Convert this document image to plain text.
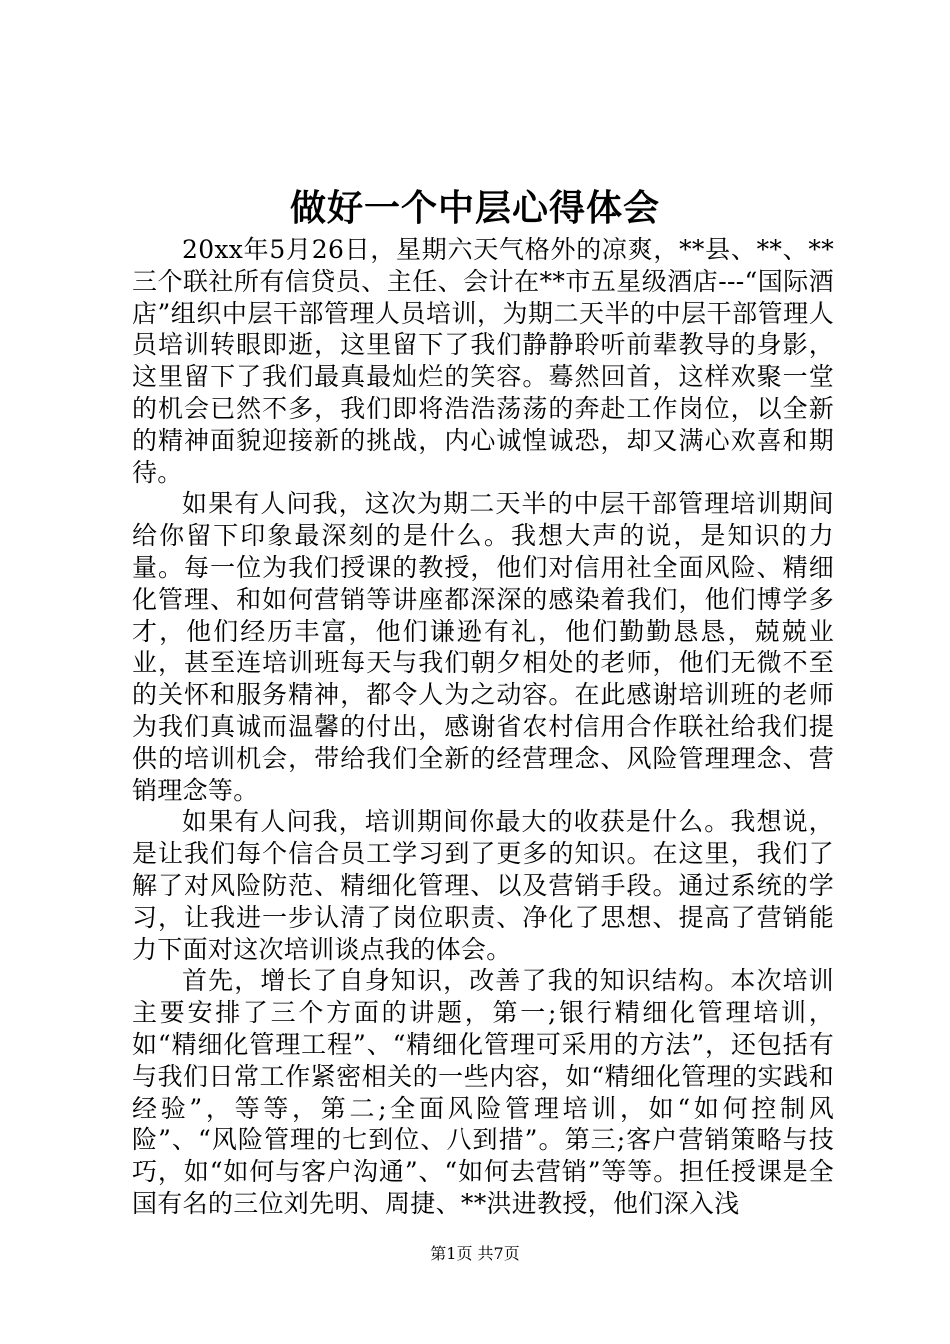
做好一个中层心得体会

20xx年5月26日，星期六天气格外的凉爽，**县、**、**三个联社所有信贷员、主任、会计在**市五星级酒店---“国际酒店”组织中层干部管理人员培训，为期二天半的中层干部管理人员培训转眼即逝，这里留下了我们静静聆听前辈教导的身影，这里留下了我们最真最灿烂的笑容。蓦然回首，这样欢聚一堂的机会已然不多，我们即将浩浩荡荡的奔赴工作岗位，以全新的精神面貌迎接新的挑战，内心诚惶诚恐，却又满心欢喜和期待。

如果有人问我，这次为期二天半的中层干部管理培训期间给你留下印象最深刻的是什么。我想大声的说，是知识的力量。每一位为我们授课的教授，他们对信用社全面风险、精细化管理、和如何营销等讲座都深深的感染着我们，他们博学多才，他们经历丰富，他们谦逊有礼，他们勤勤恳恳，兢兢业业，甚至连培训班每天与我们朝夕相处的老师，他们无微不至的关怀和服务精神，都令人为之动容。在此感谢培训班的老师为我们真诚而温馨的付出，感谢省农村信用合作联社给我们提供的培训机会，带给我们全新的经营理念、风险管理理念、营销理念等。

如果有人问我，培训期间你最大的收获是什么。我想说，是让我们每个信合员工学习到了更多的知识。在这里，我们了解了对风险防范、精细化管理、以及营销手段。通过系统的学习，让我进一步认清了岗位职责、净化了思想、提高了营销能力下面对这次培训谈点我的体会。

首先，增长了自身知识，改善了我的知识结构。本次培训主要安排了三个方面的讲题，第一;银行精细化管理培训，如“精细化管理工程”、“精细化管理可采用的方法”，还包括有与我们日常工作紧密相关的一些内容，如“精细化管理的实践和经验”，等等，第二;全面风险管理培训，如“如何控制风险”、“风险管理的七到位、八到措”。第三;客户营销策略与技巧，如“如何与客户沟通”、“如何去营销”等等。担任授课是全国有名的三位刘先明、周捷、**洪进教授，他们深入浅

第1页 共7页
